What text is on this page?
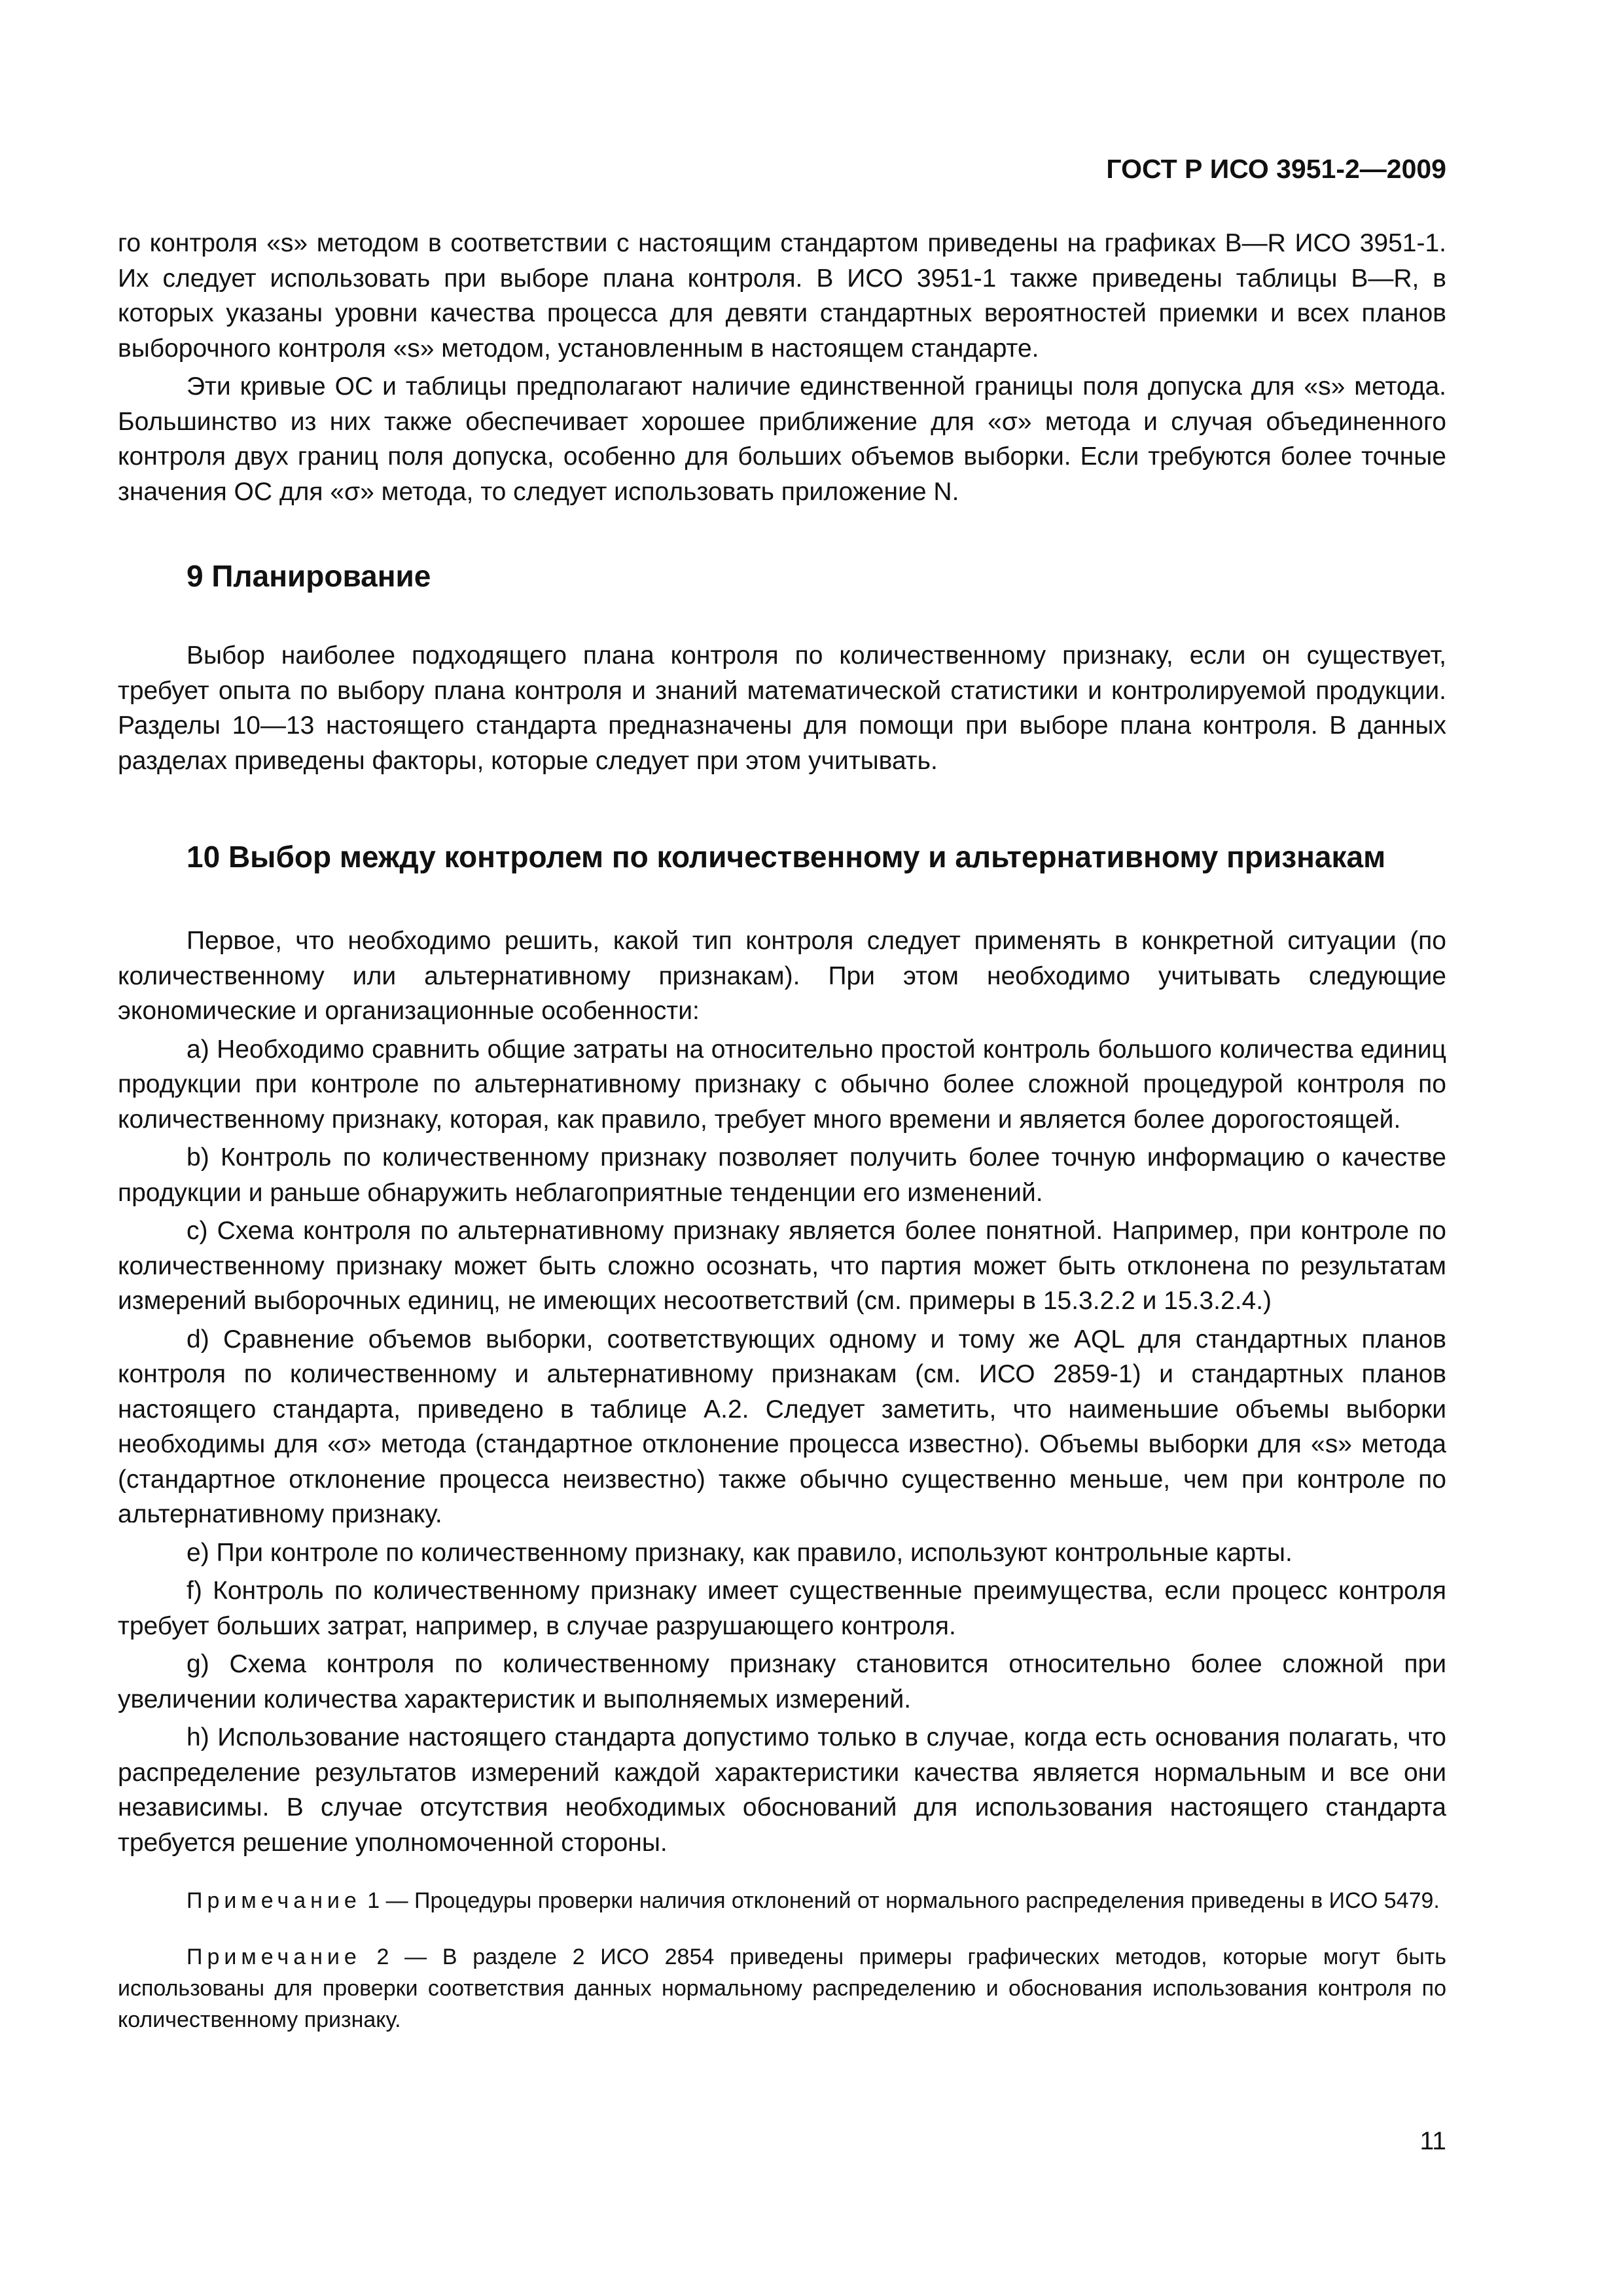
ГОСТ Р ИСО 3951-2—2009

го контроля «s» методом в соответствии с настоящим стандартом приведены на графиках B—R ИСО 3951-1. Их следует использовать при выборе плана контроля. В ИСО 3951-1 также приведены таблицы B—R, в которых указаны уровни качества процесса для девяти стандартных вероятностей приемки и всех планов выборочного контроля «s» методом, установленным в настоящем стандарте.

Эти кривые ОС и таблицы предполагают наличие единственной границы поля допуска для «s» метода. Большинство из них также обеспечивает хорошее приближение для «σ» метода и случая объединенного контроля двух границ поля допуска, особенно для больших объемов выборки. Если требуются более точные значения ОС для «σ» метода, то следует использовать приложение N.

9 Планирование

Выбор наиболее подходящего плана контроля по количественному признаку, если он существует, требует опыта по выбору плана контроля и знаний математической статистики и контролируемой продукции. Разделы 10—13 настоящего стандарта предназначены для помощи при выборе плана контроля. В данных разделах приведены факторы, которые следует при этом учитывать.

10 Выбор между контролем по количественному и альтернативному признакам

Первое, что необходимо решить, какой тип контроля следует применять в конкретной ситуации (по количественному или альтернативному признакам). При этом необходимо учитывать следующие экономические и организационные особенности:

a) Необходимо сравнить общие затраты на относительно простой контроль большого количества единиц продукции при контроле по альтернативному признаку с обычно более сложной процедурой контроля по количественному признаку, которая, как правило, требует много времени и является более дорогостоящей.

b) Контроль по количественному признаку позволяет получить более точную информацию о качестве продукции и раньше обнаружить неблагоприятные тенденции его изменений.

c) Схема контроля по альтернативному признаку является более понятной. Например, при контроле по количественному признаку может быть сложно осознать, что партия может быть отклонена по результатам измерений выборочных единиц, не имеющих несоответствий (см. примеры в 15.3.2.2 и 15.3.2.4.)

d) Сравнение объемов выборки, соответствующих одному и тому же AQL для стандартных планов контроля по количественному и альтернативному признакам (см. ИСО 2859-1) и стандартных планов настоящего стандарта, приведено в таблице А.2. Следует заметить, что наименьшие объемы выборки необходимы для «σ» метода (стандартное отклонение процесса известно). Объемы выборки для «s» метода (стандартное отклонение процесса неизвестно) также обычно существенно меньше, чем при контроле по альтернативному признаку.

e) При контроле по количественному признаку, как правило, используют контрольные карты.

f) Контроль по количественному признаку имеет существенные преимущества, если процесс контроля требует больших затрат, например, в случае разрушающего контроля.

g) Схема контроля по количественному признаку становится относительно более сложной при увеличении количества характеристик и выполняемых измерений.

h) Использование настоящего стандарта допустимо только в случае, когда есть основания полагать, что распределение результатов измерений каждой характеристики качества является нормальным и все они независимы. В случае отсутствия необходимых обоснований для использования настоящего стандарта требуется решение уполномоченной стороны.

Примечание 1 — Процедуры проверки наличия отклонений от нормального распределения приведены в ИСО 5479.

Примечание 2 — В разделе 2 ИСО 2854 приведены примеры графических методов, которые могут быть использованы для проверки соответствия данных нормальному распределению и обоснования использования контроля по количественному признаку.

11
